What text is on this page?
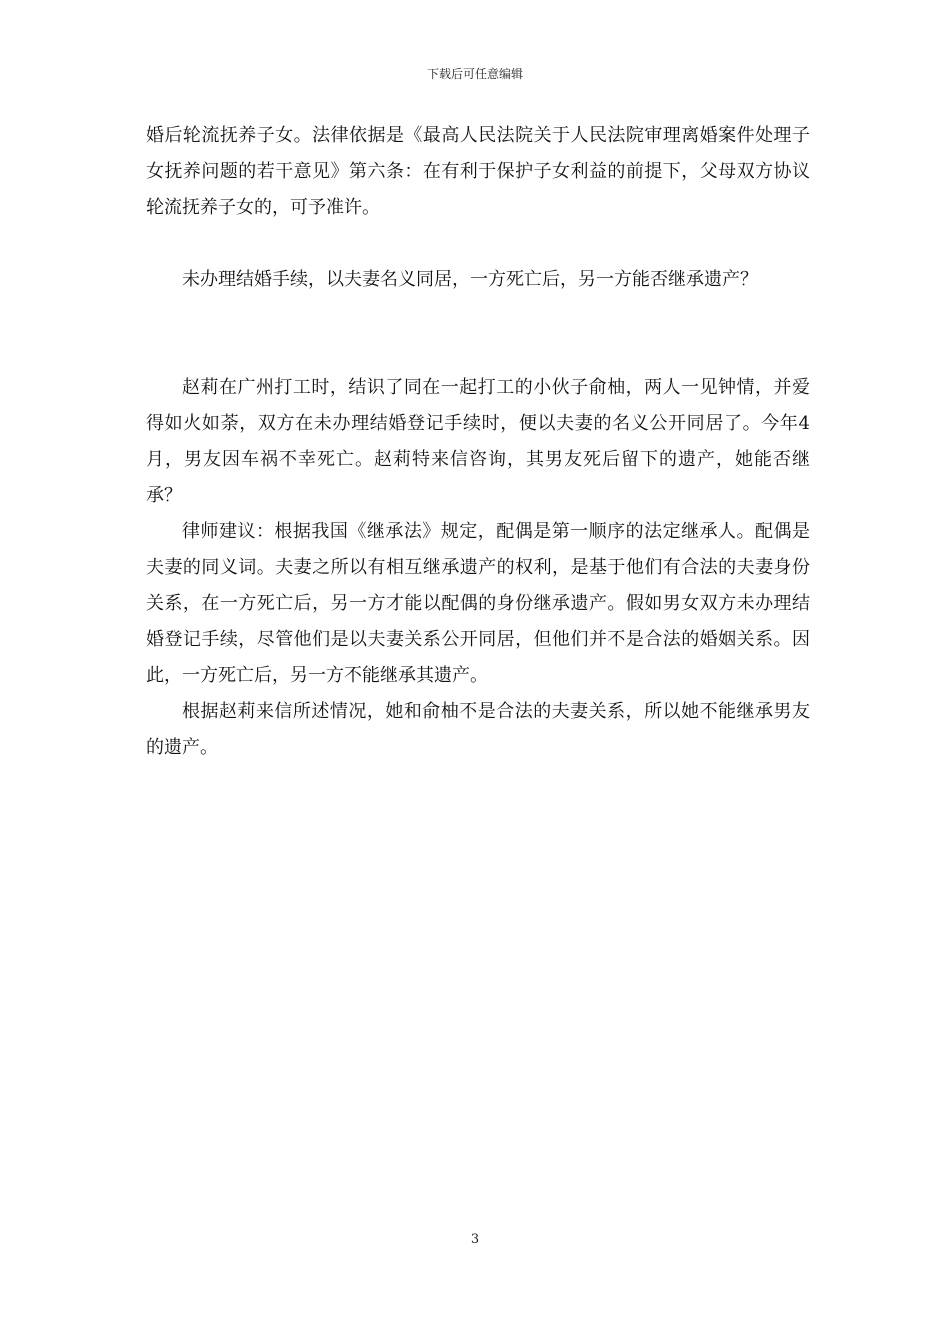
下载后可任意编辑

婚后轮流抚养子女。法律依据是《最高人民法院关于人民法院审理离婚案件处理子女抚养问题的若干意见》第六条：在有利于保护子女利益的前提下，父母双方协议轮流抚养子女的，可予准许。

未办理结婚手续，以夫妻名义同居，一方死亡后，另一方能否继承遗产？

赵莉在广州打工时，结识了同在一起打工的小伙子俞柚，两人一见钟情，并爱得如火如荼，双方在未办理结婚登记手续时，便以夫妻的名义公开同居了。今年4月，男友因车祸不幸死亡。赵莉特来信咨询，其男友死后留下的遗产，她能否继承？

律师建议：根据我国《继承法》规定，配偶是第一顺序的法定继承人。配偶是夫妻的同义词。夫妻之所以有相互继承遗产的权利，是基于他们有合法的夫妻身份关系，在一方死亡后，另一方才能以配偶的身份继承遗产。假如男女双方未办理结婚登记手续，尽管他们是以夫妻关系公开同居，但他们并不是合法的婚姻关系。因此，一方死亡后，另一方不能继承其遗产。

根据赵莉来信所述情况，她和俞柚不是合法的夫妻关系，所以她不能继承男友的遗产。

3
